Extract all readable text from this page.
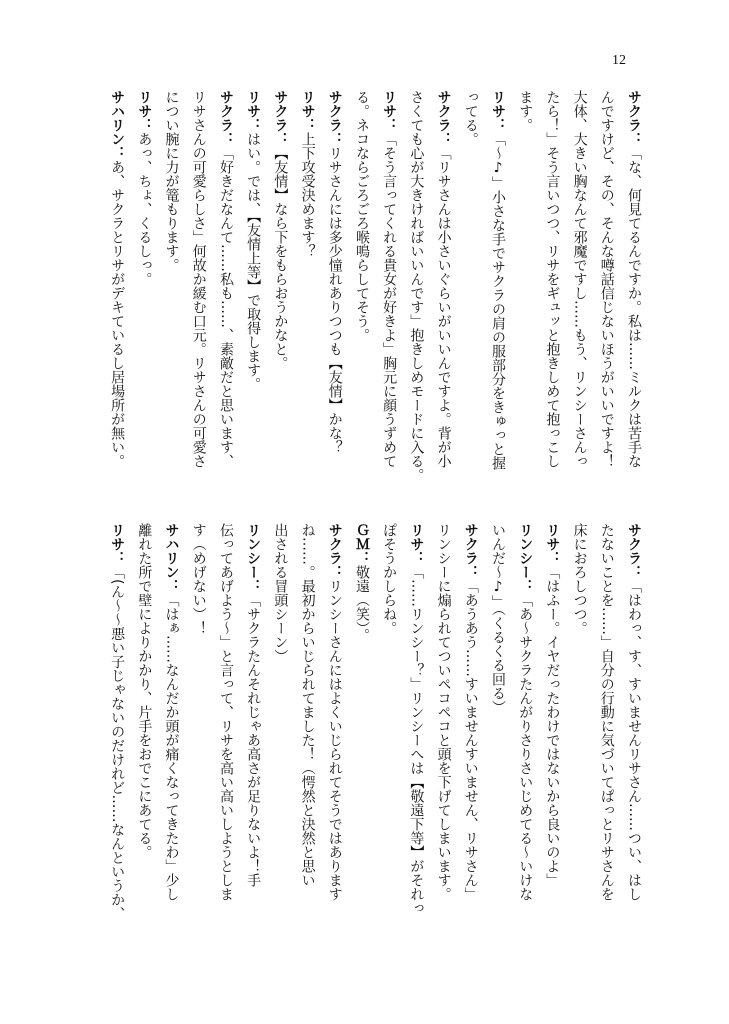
12
サクラ：「な、何見てるんですか。私は……ミルクは苦手な
んですけど、その、そんな噂話信じないほうがいいですよ！
大体、大きい胸なんて邪魔ですし……もう、リンシーさんっ
たら！」そう言いつつ、リサをギュッと抱きしめて抱っこし
ます。
リサ：「～♪」小さな手でサクラの肩の服部分をきゅっと握
ってる。
サクラ：「リサさんは小さいぐらいがいいんですよ。背が小
さくても心が大きければいいんです」抱きしめモードに入る。
リサ：「そう言ってくれる貴女が好きよ」胸元に顔うずめて
る。ネコならごろごろ喉鳴らしてそう。
サクラ：リサさんには多少憧れありつつも【友情】かな？
リサ：上下攻受決めます？
サクラ：【友情】なら下をもらおうかなと。
リサ：はい。では、【友情上等】で取得します。
サクラ：「好きだなんて……私も……、素敵だと思います、
リサさんの可愛らしさ」何故か緩む口元。リサさんの可愛さ
につい腕に力が篭もります。
リサ：あっ、ちょ、くるしっ。
サハリン：あ、サクラとリサがデキているし居場所が無い。
サクラ：「はわっ、す、すいませんリサさん……つい、はし
たないことを……」自分の行動に気づいてぱっとリサさんを
床におろしつつ。
リサ：「はふー。イヤだったわけではないから良いのよ」
リンシー：「あ～サクラたんがりさりさいじめてる～いけな
いんだ～♪」（くるくる回る）
サクラ：「あうあう……すいませんすいません、リサさん」
リンシーに煽られてついペコペコと頭を下げてしまいます。
リサ：「……リンシー？」リンシーへは【敬遠下等】がそれっ
ぽそうかしらね。
ＧＭ：敬遠（笑）。
サクラ：リンシーさんにはよくいじられてそうではあります
ね……。最初からいじられてました！（愕然と決然と思い
出される冒頭シーン）
リンシー：「サクラたんそれじゃあ高さが足りないよ！手
伝ってあげよう～」と言って、リサを高い高いしようとしま
す（めげない）！
サハリン：「はぁ……なんだか頭が痛くなってきたわ」少し
離れた所で壁によりかかり、片手をおでこにあてる。
リサ：「(ん～～悪い子じゃないのだけれど……なんというか、
